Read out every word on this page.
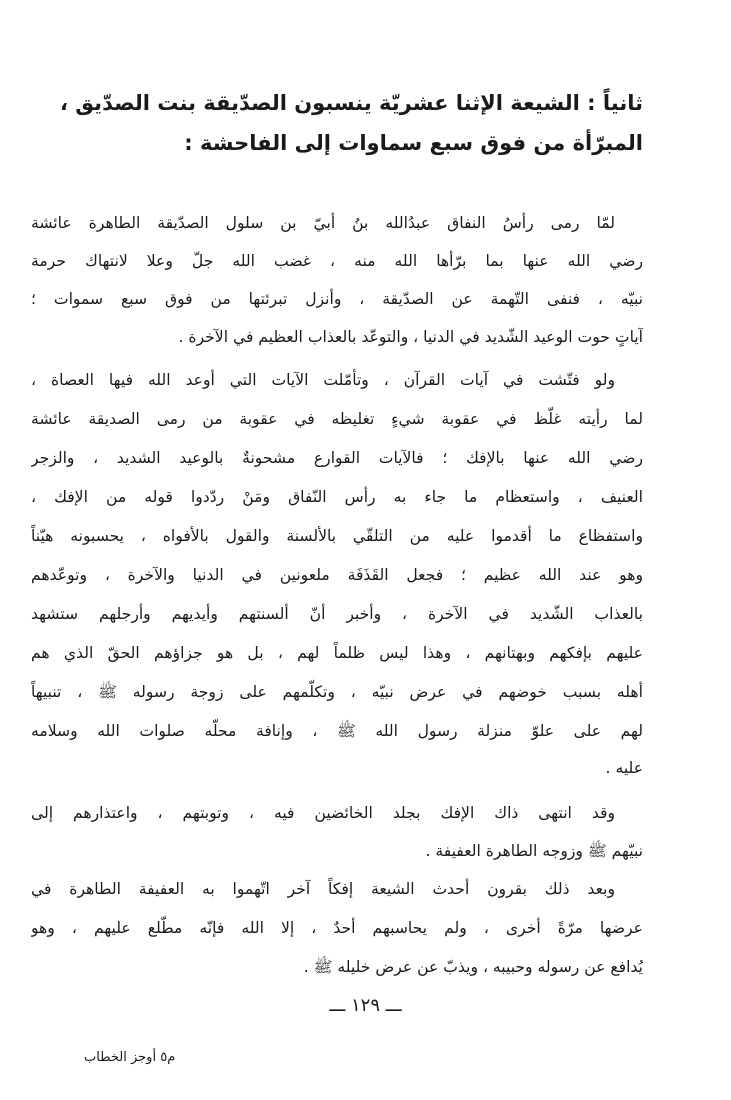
ثانياً : الشيعة الإثنا عشريّة ينسبون الصدّيقة بنت الصدّيق ،
المبرّأة من فوق سبع سماوات إلى الفاحشة :
لمّا رمى رأسُ النفاق عبدُالله بنُ أبيّ بن سلول الصدّيقة الطاهرة عائشة
رضي الله عنها بما برّأها الله منه ، غضب الله جلّ وعلا لانتهاك حرمة
نبيّه ، فنفى التّهمة عن الصدّيقة ، وأنزل تبرئتها من فوق سبع سموات ؛
آياتٍ حوت الوعيد الشّديد في الدنيا ، والتوعّد بالعذاب العظيم في الآخرة .
ولو فتّشت في آيات القرآن ، وتأمّلت الآيات التي أوعد الله فيها العصاة ،
لما رأيته غلّظ في عقوبة شيءٍ تغليظه في عقوبة من رمى الصديقة عائشة
رضي الله عنها بالإفك ؛ فالآيات القوارع مشحونةٌ بالوعيد الشديد ، والزجر
العنيف ، واستعظام ما جاء به رأس النّفاق ومَنْ ردّدوا قوله من الإفك ،
واستفظاع ما أقدموا عليه من التلقّي بالألسنة والقول بالأفواه ، يحسبونه هيّناً
وهو عند الله عظيم ؛ فجعل القَذَفَة ملعونين في الدنيا والآخرة ، وتوعّدهم
بالعذاب الشّديد في الآخرة ، وأخبر أنّ ألسنتهم وأيديهم وأرجلهم ستشهد
عليهم بإفكهم وبهتانهم ، وهذا ليس ظلماً لهم ، بل هو جزاؤهم الحقّ الذي هم
أهله بسبب خوضهم في عرض نبيّه ، وتكلّمهم على زوجة رسوله ﷺ ، تنبيهاً
لهم على علوّ منزلة رسول الله ﷺ ، وإنافة محلّه صلوات الله وسلامه
عليه .
وقد انتهى ذاك الإفك بجلد الخائضين فيه ، وتوبتهم ، واعتذارهم إلى
نبيّهم ﷺ وزوجه الطاهرة العفيفة .
وبعد ذلك بقرون أحدث الشيعة إفكاً آخر اتّهموا به العفيفة الطاهرة في
عرضها مرّةً أخرى ، ولم يحاسبهم أحدٌ ، إلا الله فإنّه مطّلع عليهم ، وهو
يُدافع عن رسوله وحبيبه ، ويذبّ عن عرض خليله ﷺ .
ـــ ١٢٩ ـــ
م٥ أوجز الخطاب
